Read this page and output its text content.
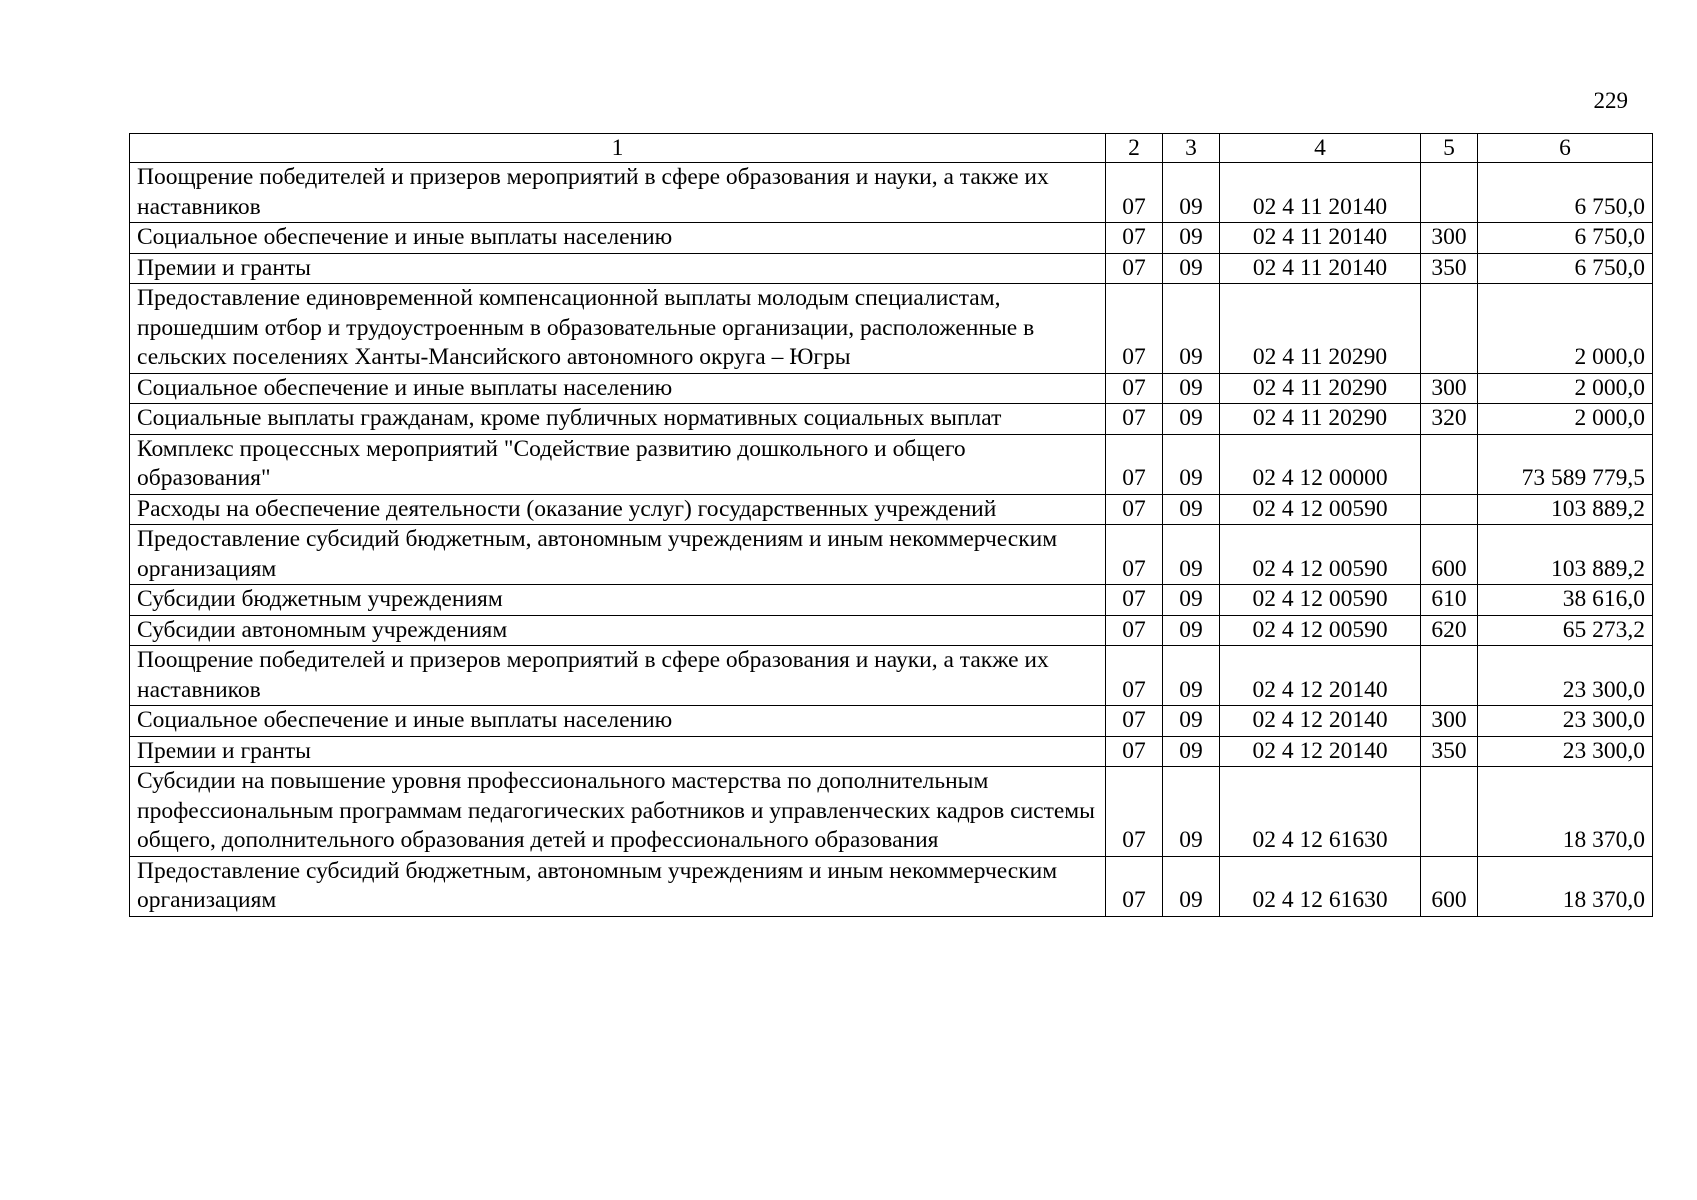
229
1	2	3	4	5	6
Поощрение победителей и призеров мероприятий в сфере образования и науки, а также их наставников	07	09	02 4 11 20140		6 750,0
Социальное обеспечение и иные выплаты населению	07	09	02 4 11 20140	300	6 750,0
Премии и гранты	07	09	02 4 11 20140	350	6 750,0
Предоставление единовременной компенсационной выплаты молодым специалистам, прошедшим отбор и трудоустроенным в образовательные организации, расположенные в сельских поселениях Ханты-Мансийского автономного округа – Югры	07	09	02 4 11 20290		2 000,0
Социальное обеспечение и иные выплаты населению	07	09	02 4 11 20290	300	2 000,0
Социальные выплаты гражданам, кроме публичных нормативных социальных выплат	07	09	02 4 11 20290	320	2 000,0
Комплекс процессных мероприятий "Содействие развитию дошкольного и общего образования"	07	09	02 4 12 00000		73 589 779,5
Расходы на обеспечение деятельности (оказание услуг) государственных учреждений	07	09	02 4 12 00590		103 889,2
Предоставление субсидий бюджетным, автономным учреждениям и иным некоммерческим организациям	07	09	02 4 12 00590	600	103 889,2
Субсидии бюджетным учреждениям	07	09	02 4 12 00590	610	38 616,0
Субсидии автономным учреждениям	07	09	02 4 12 00590	620	65 273,2
Поощрение победителей и призеров мероприятий в сфере образования и науки, а также их наставников	07	09	02 4 12 20140		23 300,0
Социальное обеспечение и иные выплаты населению	07	09	02 4 12 20140	300	23 300,0
Премии и гранты	07	09	02 4 12 20140	350	23 300,0
Субсидии на повышение уровня профессионального мастерства по дополнительным профессиональным программам педагогических работников и управленческих кадров системы общего, дополнительного образования детей и профессионального образования	07	09	02 4 12 61630		18 370,0
Предоставление субсидий бюджетным, автономным учреждениям и иным некоммерческим организациям	07	09	02 4 12 61630	600	18 370,0
